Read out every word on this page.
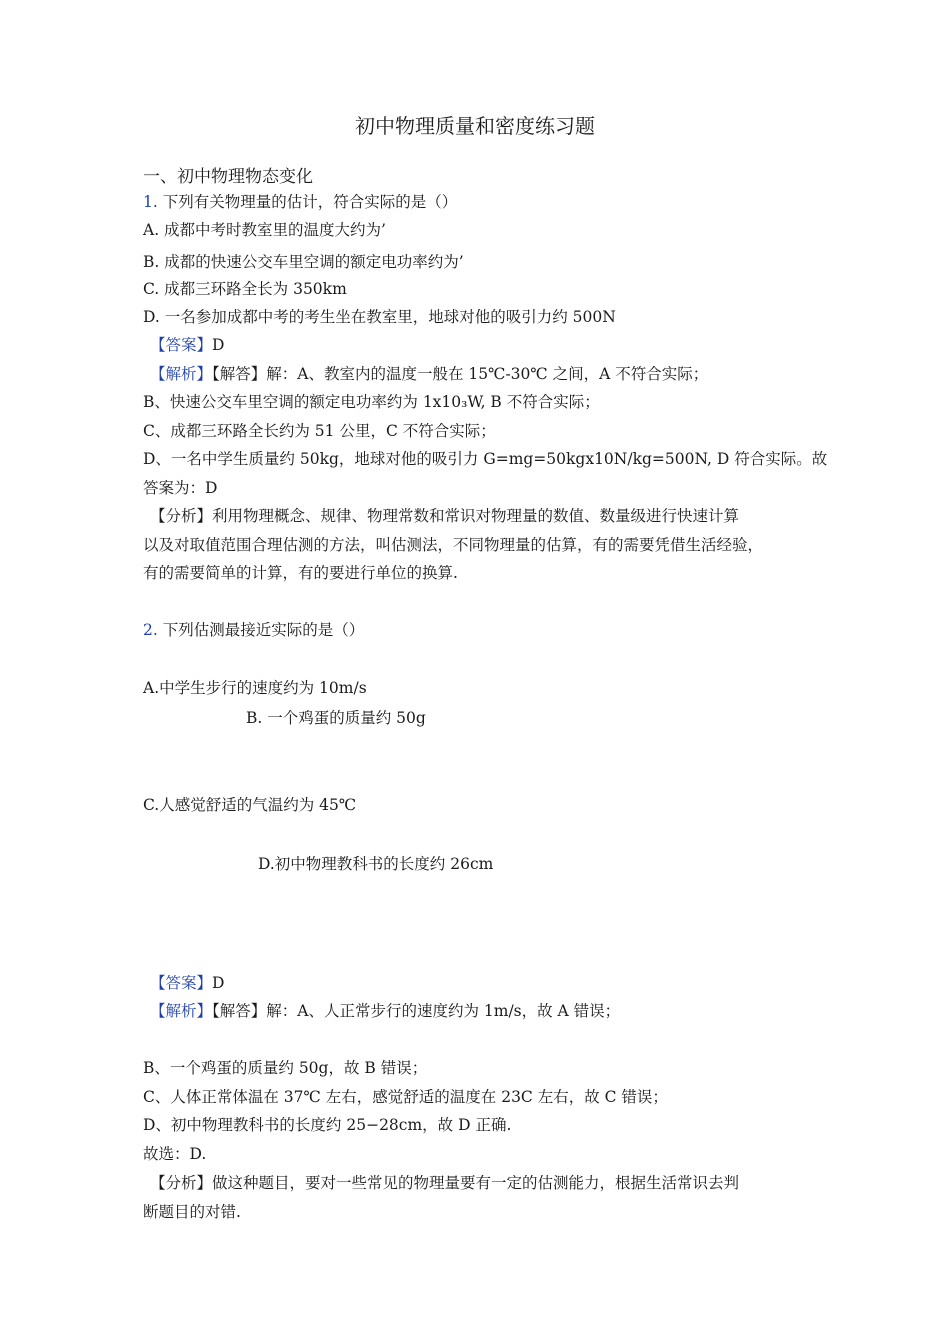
初中物理质量和密度练习题
一、初中物理物态变化
1. 下列有关物理量的估计，符合实际的是（）
A. 成都中考时教室里的温度大约为’
B. 成都的快速公交车里空调的额定电功率约为’
C. 成都三环路全长为 350km
D. 一名参加成都中考的考生坐在教室里，地球对他的吸引力约 500N
【答案】D
【解析】【解答】解：A、教室内的温度一般在 15℃-30℃ 之间，A 不符合实际；
B、快速公交车里空调的额定电功率约为 1x10₃W, B 不符合实际；
C、成都三环路全长约为 51 公里，C 不符合实际；
D、一名中学生质量约 50kg，地球对他的吸引力 G=mg=50kgx10N/kg=500N, D 符合实际。故
答案为：D
【分析】利用物理概念、规律、物理常数和常识对物理量的数值、数量级进行快速计算
以及对取值范围合理估测的方法，叫估测法，不同物理量的估算，有的需要凭借生活经验，
有的需要简单的计算，有的要进行单位的换算.
2. 下列估测最接近实际的是（）
A.中学生步行的速度约为 10m/s
B. 一个鸡蛋的质量约 50g
C.人感觉舒适的气温约为 45℃
D.初中物理教科书的长度约 26cm
【答案】D
【解析】【解答】解：A、人正常步行的速度约为 1m/s，故 A 错误；
B、一个鸡蛋的质量约 50g，故 B 错误；
C、人体正常体温在 37℃ 左右，感觉舒适的温度在 23C 左右，故 C 错误；
D、初中物理教科书的长度约 25−28cm，故 D 正确.
故选：D.
【分析】做这种题目，要对一些常见的物理量要有一定的估测能力，根据生活常识去判
断题目的对错.
